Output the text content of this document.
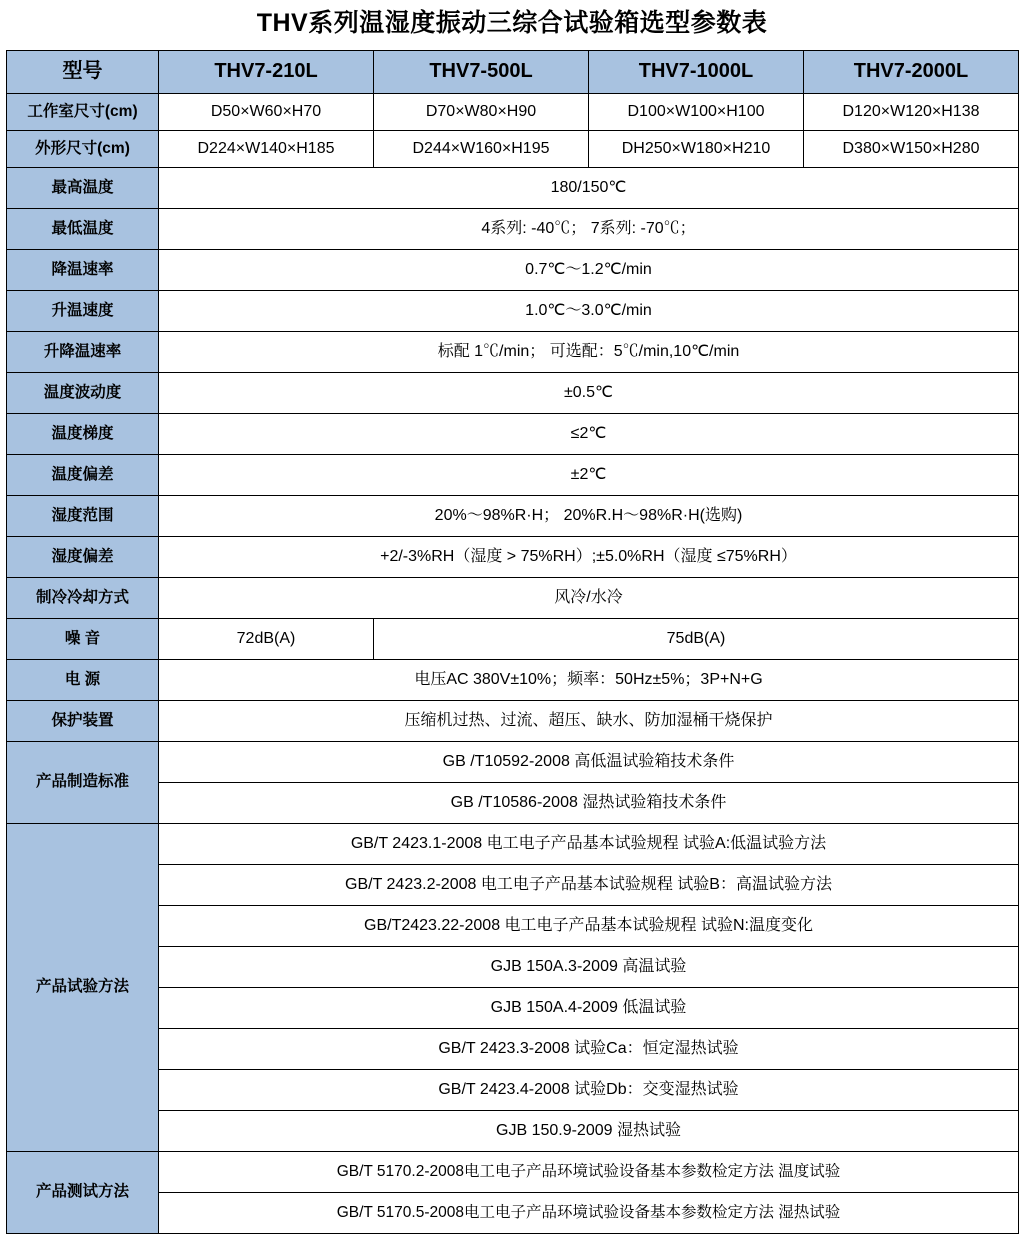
THV系列温湿度振动三综合试验箱选型参数表
型号	THV7-210L	THV7-500L	THV7-1000L	THV7-2000L
工作室尺寸(cm)	D50×W60×H70	D70×W80×H90	D100×W100×H100	D120×W120×H138
外形尺寸(cm)	D224×W140×H185	D244×W160×H195	DH250×W180×H210	D380×W150×H280
最高温度	180/150℃			
最低温度	4系列: -40℃； 7系列: -70℃；			
降温速率	0.7℃～1.2℃/min			
升温速度	1.0℃～3.0℃/min			
升降温速率	标配 1℃/min； 可选配：5℃/min,10℃/min			
温度波动度	±0.5℃			
温度梯度	≤2℃			
温度偏差	±2℃			
湿度范围	20%～98%R·H； 20%R.H～98%R·H(选购)			
湿度偏差	+2/-3%RH（湿度 > 75%RH）;±5.0%RH（湿度 ≤75%RH）			
制冷冷却方式	风冷/水冷			
噪 音	72dB(A)	75dB(A)		
电 源	电压AC 380V±10%；频率：50Hz±5%；3P+N+G			
保护装置	压缩机过热、过流、超压、缺水、防加湿桶干烧保护			
产品制造标准	GB /T10592-2008 高低温试验箱技术条件			
	GB /T10586-2008 湿热试验箱技术条件			
产品试验方法	GB/T 2423.1-2008 电工电子产品基本试验规程 试验A:低温试验方法			
	GB/T 2423.2-2008 电工电子产品基本试验规程 试验B：高温试验方法			
	GB/T2423.22-2008 电工电子产品基本试验规程 试验N:温度变化			
	GJB 150A.3-2009 高温试验			
	GJB 150A.4-2009 低温试验			
	GB/T 2423.3-2008 试验Ca：恒定湿热试验			
	GB/T 2423.4-2008 试验Db：交变湿热试验			
	GJB 150.9-2009 湿热试验			
产品测试方法	GB/T 5170.2-2008电工电子产品环境试验设备基本参数检定方法 温度试验			
	GB/T 5170.5-2008电工电子产品环境试验设备基本参数检定方法 湿热试验			
